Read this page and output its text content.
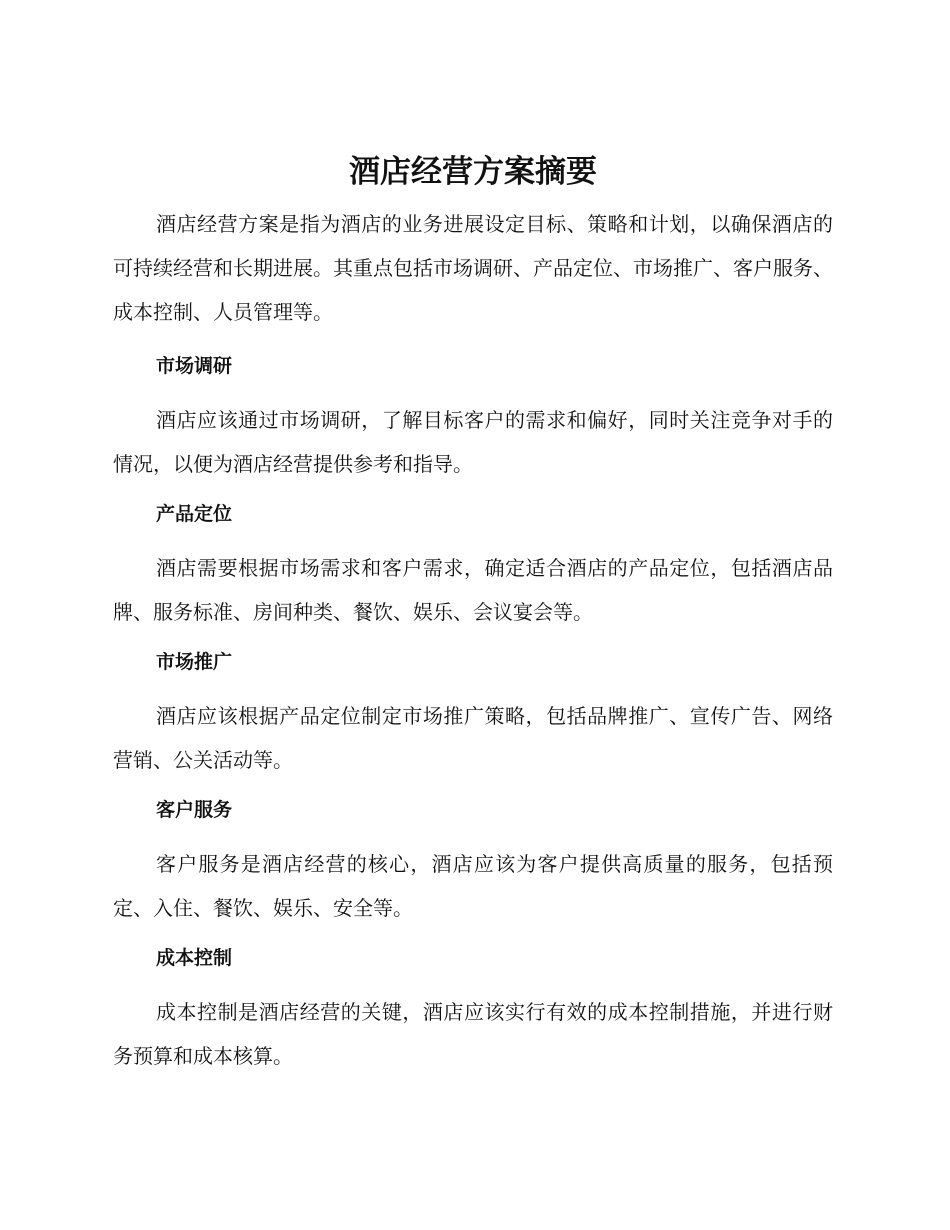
酒店经营方案摘要

酒店经营方案是指为酒店的业务进展设定目标、策略和计划，以确保酒店的可持续经营和长期进展。其重点包括市场调研、产品定位、市场推广、客户服务、成本控制、人员管理等。

市场调研

酒店应该通过市场调研，了解目标客户的需求和偏好，同时关注竞争对手的情况，以便为酒店经营提供参考和指导。

产品定位

酒店需要根据市场需求和客户需求，确定适合酒店的产品定位，包括酒店品牌、服务标准、房间种类、餐饮、娱乐、会议宴会等。

市场推广

酒店应该根据产品定位制定市场推广策略，包括品牌推广、宣传广告、网络营销、公关活动等。

客户服务

客户服务是酒店经营的核心，酒店应该为客户提供高质量的服务，包括预定、入住、餐饮、娱乐、安全等。

成本控制

成本控制是酒店经营的关键，酒店应该实行有效的成本控制措施，并进行财务预算和成本核算。
